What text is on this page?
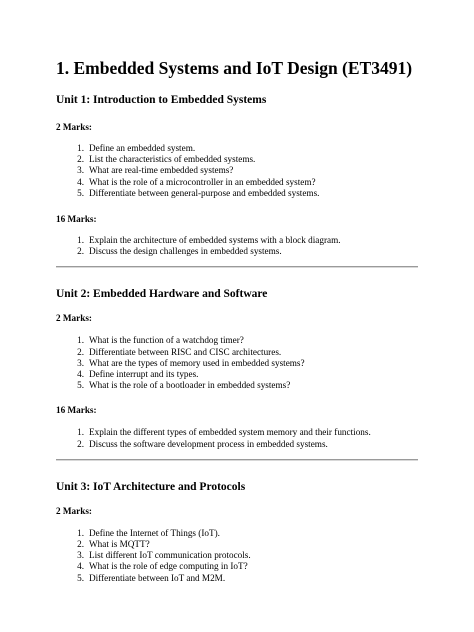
1. Embedded Systems and IoT Design (ET3491)
Unit 1: Introduction to Embedded Systems
2 Marks:
1. Define an embedded system.
2. List the characteristics of embedded systems.
3. What are real-time embedded systems?
4. What is the role of a microcontroller in an embedded system?
5. Differentiate between general-purpose and embedded systems.
16 Marks:
1. Explain the architecture of embedded systems with a block diagram.
2. Discuss the design challenges in embedded systems.
Unit 2: Embedded Hardware and Software
2 Marks:
1. What is the function of a watchdog timer?
2. Differentiate between RISC and CISC architectures.
3. What are the types of memory used in embedded systems?
4. Define interrupt and its types.
5. What is the role of a bootloader in embedded systems?
16 Marks:
1. Explain the different types of embedded system memory and their functions.
2. Discuss the software development process in embedded systems.
Unit 3: IoT Architecture and Protocols
2 Marks:
1. Define the Internet of Things (IoT).
2. What is MQTT?
3. List different IoT communication protocols.
4. What is the role of edge computing in IoT?
5. Differentiate between IoT and M2M.
